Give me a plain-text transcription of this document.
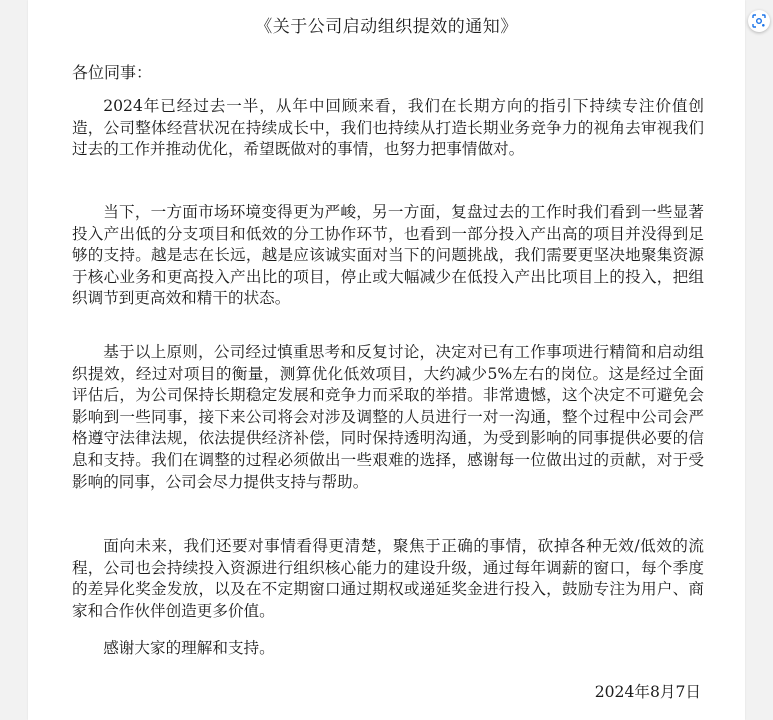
《关于公司启动组织提效的通知》
各位同事：

2024年已经过去一半，从年中回顾来看，我们在长期方向的指引下持续专注价值创造，公司整体经营状况在持续成长中，我们也持续从打造长期业务竞争力的视角去审视我们过去的工作并推动优化，希望既做对的事情，也努力把事情做对。

当下，一方面市场环境变得更为严峻，另一方面，复盘过去的工作时我们看到一些显著投入产出低的分支项目和低效的分工协作环节，也看到一部分投入产出高的项目并没得到足够的支持。越是志在长远，越是应该诚实面对当下的问题挑战，我们需要更坚决地聚集资源于核心业务和更高投入产出比的项目，停止或大幅减少在低投入产出比项目上的投入，把组织调节到更高效和精干的状态。

基于以上原则，公司经过慎重思考和反复讨论，决定对已有工作事项进行精简和启动组织提效，经过对项目的衡量，测算优化低效项目，大约减少5%左右的岗位。这是经过全面评估后，为公司保持长期稳定发展和竞争力而采取的举措。非常遗憾，这个决定不可避免会影响到一些同事，接下来公司将会对涉及调整的人员进行一对一沟通，整个过程中公司会严格遵守法律法规，依法提供经济补偿，同时保持透明沟通，为受到影响的同事提供必要的信息和支持。我们在调整的过程必须做出一些艰难的选择，感谢每一位做出过的贡献，对于受影响的同事，公司会尽力提供支持与帮助。

面向未来，我们还要对事情看得更清楚，聚焦于正确的事情，砍掉各种无效/低效的流程，公司也会持续投入资源进行组织核心能力的建设升级，通过每年调薪的窗口，每个季度的差异化奖金发放，以及在不定期窗口通过期权或递延奖金进行投入，鼓励专注为用户、商家和合作伙伴创造更多价值。

感谢大家的理解和支持。

2024年8月7日
